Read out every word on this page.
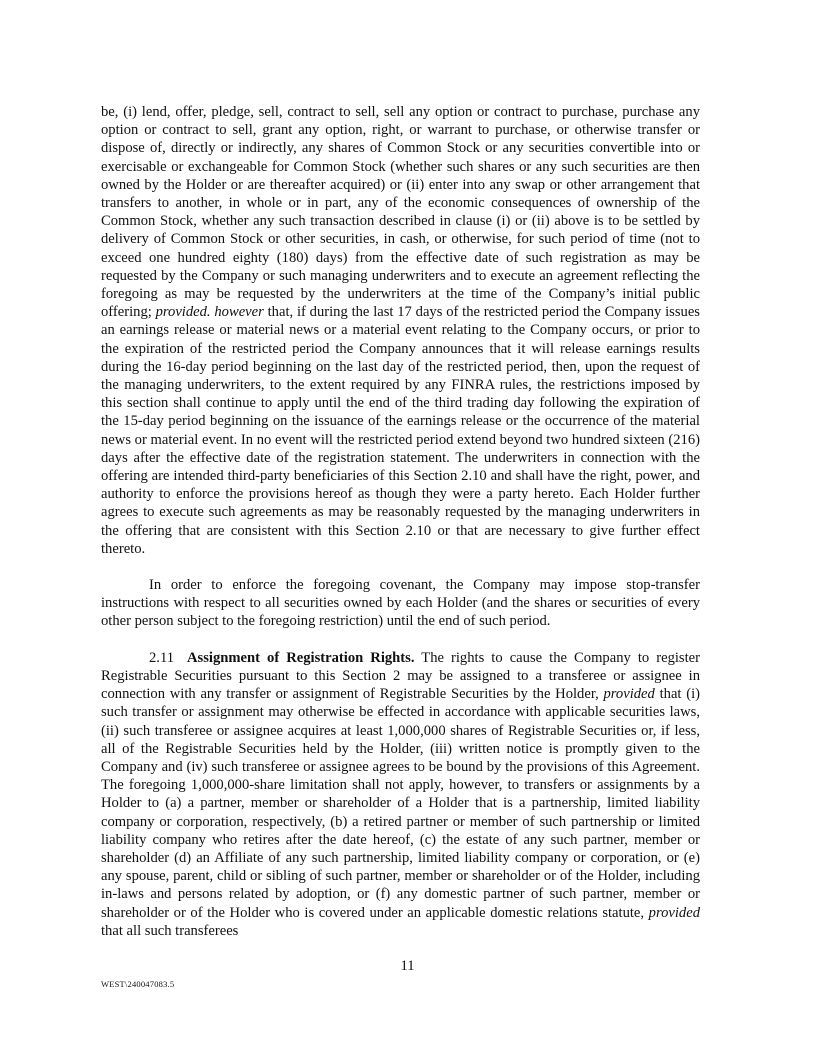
be, (i) lend, offer, pledge, sell, contract to sell, sell any option or contract to purchase, purchase any option or contract to sell, grant any option, right, or warrant to purchase, or otherwise transfer or dispose of, directly or indirectly, any shares of Common Stock or any securities convertible into or exercisable or exchangeable for Common Stock (whether such shares or any such securities are then owned by the Holder or are thereafter acquired) or (ii) enter into any swap or other arrangement that transfers to another, in whole or in part, any of the economic consequences of ownership of the Common Stock, whether any such transaction described in clause (i) or (ii) above is to be settled by delivery of Common Stock or other securities, in cash, or otherwise, for such period of time (not to exceed one hundred eighty (180) days) from the effective date of such registration as may be requested by the Company or such managing underwriters and to execute an agreement reflecting the foregoing as may be requested by the underwriters at the time of the Company’s initial public offering; provided. however that, if during the last 17 days of the restricted period the Company issues an earnings release or material news or a material event relating to the Company occurs, or prior to the expiration of the restricted period the Company announces that it will release earnings results during the 16-day period beginning on the last day of the restricted period, then, upon the request of the managing underwriters, to the extent required by any FINRA rules, the restrictions imposed by this section shall continue to apply until the end of the third trading day following the expiration of the 15-day period beginning on the issuance of the earnings release or the occurrence of the material news or material event. In no event will the restricted period extend beyond two hundred sixteen (216) days after the effective date of the registration statement. The underwriters in connection with the offering are intended third-party beneficiaries of this Section 2.10 and shall have the right, power, and authority to enforce the provisions hereof as though they were a party hereto. Each Holder further agrees to execute such agreements as may be reasonably requested by the managing underwriters in the offering that are consistent with this Section 2.10 or that are necessary to give further effect thereto.

In order to enforce the foregoing covenant, the Company may impose stop-transfer instructions with respect to all securities owned by each Holder (and the shares or securities of every other person subject to the foregoing restriction) until the end of such period.

2.11 Assignment of Registration Rights. The rights to cause the Company to register Registrable Securities pursuant to this Section 2 may be assigned to a transferee or assignee in connection with any transfer or assignment of Registrable Securities by the Holder, provided that (i) such transfer or assignment may otherwise be effected in accordance with applicable securities laws, (ii) such transferee or assignee acquires at least 1,000,000 shares of Registrable Securities or, if less, all of the Registrable Securities held by the Holder, (iii) written notice is promptly given to the Company and (iv) such transferee or assignee agrees to be bound by the provisions of this Agreement. The foregoing 1,000,000-share limitation shall not apply, however, to transfers or assignments by a Holder to (a) a partner, member or shareholder of a Holder that is a partnership, limited liability company or corporation, respectively, (b) a retired partner or member of such partnership or limited liability company who retires after the date hereof, (c) the estate of any such partner, member or shareholder (d) an Affiliate of any such partnership, limited liability company or corporation, or (e) any spouse, parent, child or sibling of such partner, member or shareholder or of the Holder, including in-laws and persons related by adoption, or (f) any domestic partner of such partner, member or shareholder or of the Holder who is covered under an applicable domestic relations statute, provided that all such transferees

11
WEST\240047083.5
